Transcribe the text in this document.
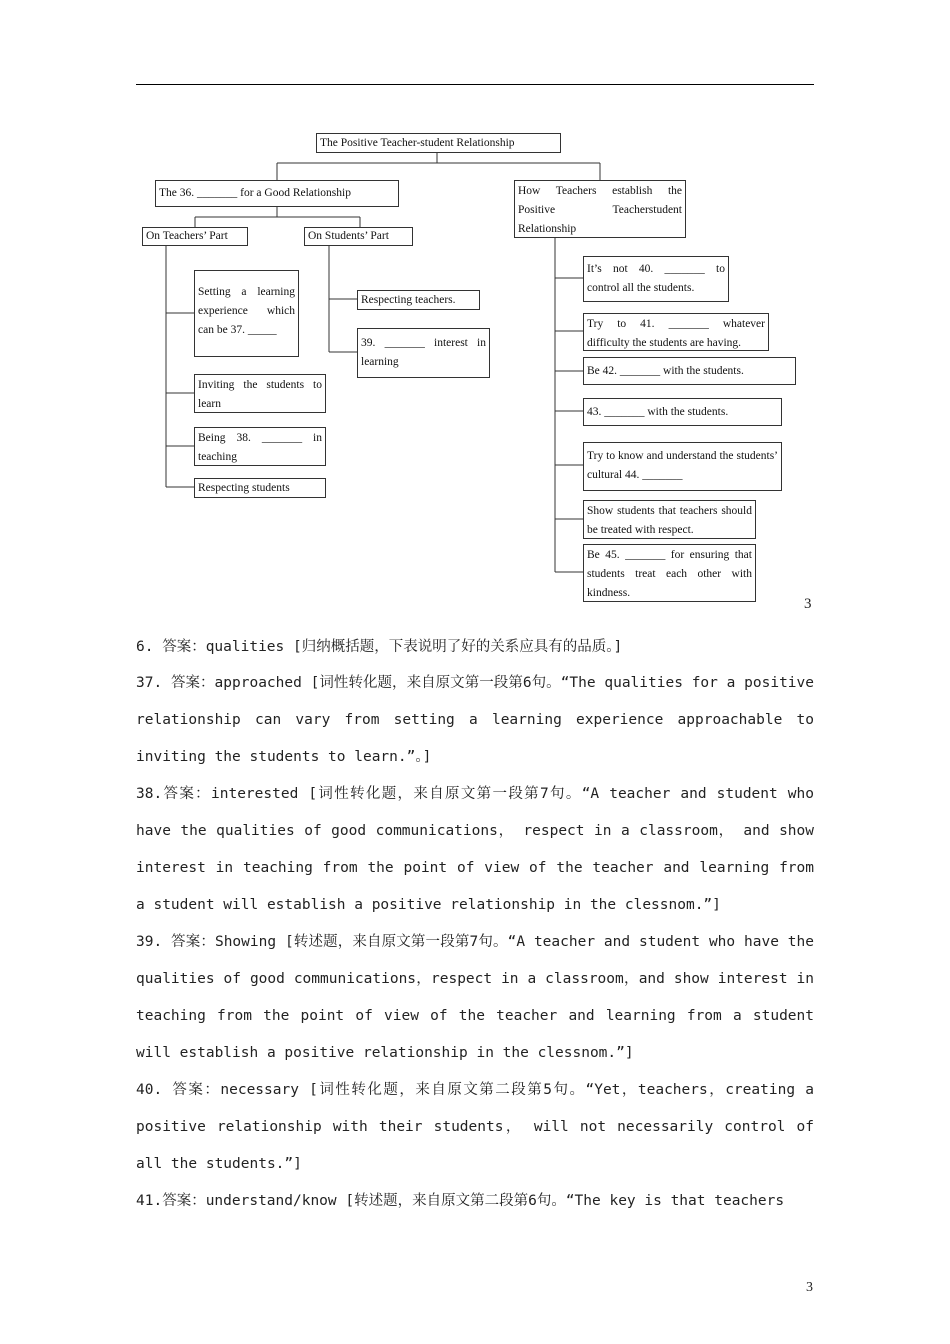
The Positive Teacher-student Relationship
The 36. _______ for a Good Relationship
On Teachers’ Part	On Students’ Part
Setting a learning experience which can be 37. _____
Inviting the students to learn
Being 38. _______ in teaching
Respecting students
Respecting teachers.
39. _______ interest in learning
How Teachers establish the Positive Teacherstudent Relationship
It’s not 40. _______ to control all the students.
Try to 41. _______ whatever difficulty the students are having.
Be 42. _______ with the students.
43. _______ with the students.
Try to know and understand the students’ cultural 44. _______
Show students that teachers should be treated with respect.
Be 45. _______ for ensuring that students treat each other with kindness.
3

6. 答案：qualities [归纳概括题，下表说明了好的关系应具有的品质。]

37. 答案：approached [词性转化题，来自原文第一段第6句。“The qualities for a positive relationship can vary from setting a learning experience approachable to inviting the students to learn.”。]

38.答案：interested [词性转化题，来自原文第一段第7句。“A teacher and student who have the qualities of good communications， respect in a classroom， and show interest in teaching from the point of view of the teacher and learning from a student will establish a positive relationship in the clessnom.”]

39. 答案：Showing [转述题，来自原文第一段第7句。“A teacher and student who have the qualities of good communications，respect in a classroom，and show interest in teaching from the point of view of the teacher and learning from a student will establish a positive relationship in the clessnom.”]

40. 答案：necessary [词性转化题，来自原文第二段第5句。“Yet，teachers，creating a positive relationship with their students， will not necessarily control of all the students.”]

41.答案：understand/know [转述题，来自原文第二段第6句。“The key is that teachers

3
